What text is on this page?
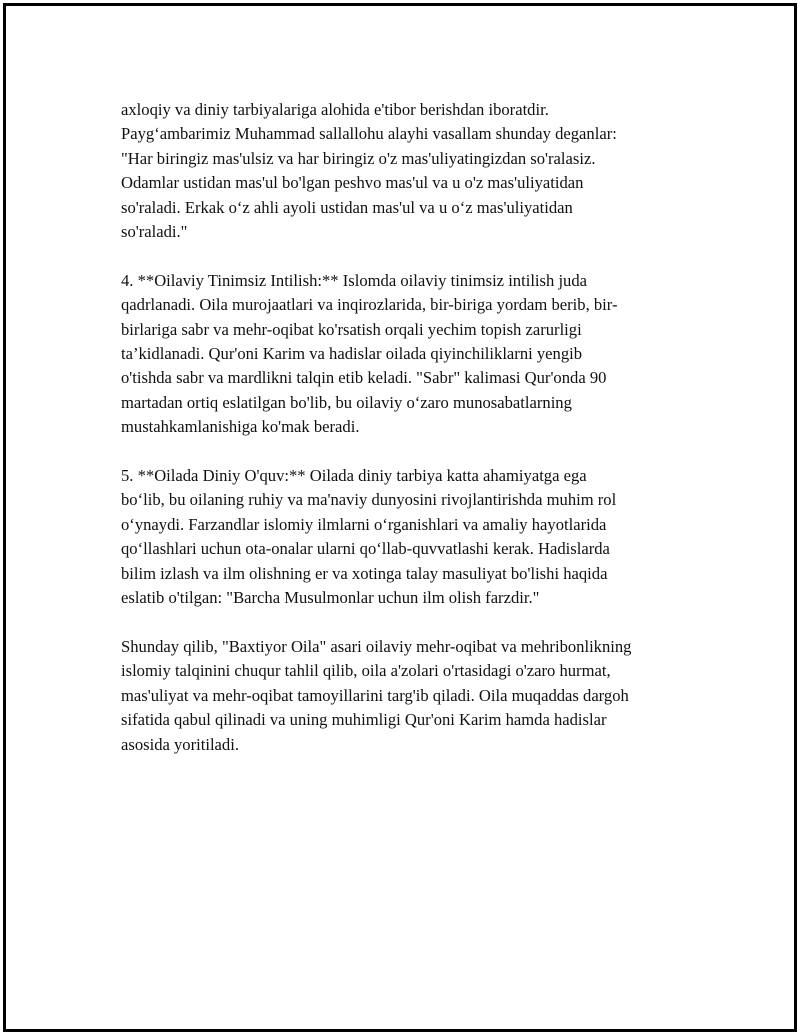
axloqiy va diniy tarbiyalariga alohida e'tibor berishdan iboratdir.
Payg‘ambarimiz Muhammad sallallohu alayhi vasallam shunday deganlar:
"Har biringiz mas'ulsiz va har biringiz o'z mas'uliyatingizdan so'ralasiz.
Odamlar ustidan mas'ul bo'lgan peshvo mas'ul va u o'z mas'uliyatidan
so'raladi. Erkak o‘z ahli ayoli ustidan mas'ul va u o‘z mas'uliyatidan
so'raladi."

4. **Oilaviy Tinimsiz Intilish:** Islomda oilaviy tinimsiz intilish juda
qadrlanadi. Oila murojaatlari va inqirozlarida, bir-biriga yordam berib, bir-
birlariga sabr va mehr-oqibat ko'rsatish orqali yechim topish zarurligi
ta’kidlanadi. Qur'oni Karim va hadislar oilada qiyinchiliklarni yengib
o'tishda sabr va mardlikni talqin etib keladi. "Sabr" kalimasi Qur'onda 90
martadan ortiq eslatilgan bo'lib, bu oilaviy o‘zaro munosabatlarning
mustahkamlanishiga ko'mak beradi.

5. **Oilada Diniy O'quv:** Oilada diniy tarbiya katta ahamiyatga ega
bo‘lib, bu oilaning ruhiy va ma'naviy dunyosini rivojlantirishda muhim rol
o‘ynaydi. Farzandlar islomiy ilmlarni o‘rganishlari va amaliy hayotlarida
qo‘llashlari uchun ota-onalar ularni qo‘llab-quvvatlashi kerak. Hadislarda
bilim izlash va ilm olishning er va xotinga talay masuliyat bo'lishi haqida
eslatib o'tilgan: "Barcha Musulmonlar uchun ilm olish farzdir."

Shunday qilib, "Baxtiyor Oila" asari oilaviy mehr-oqibat va mehribonlikning
islomiy talqinini chuqur tahlil qilib, oila a'zolari o'rtasidagi o'zaro hurmat,
mas'uliyat va mehr-oqibat tamoyillarini targ'ib qiladi. Oila muqaddas dargoh
sifatida qabul qilinadi va uning muhimligi Qur'oni Karim hamda hadislar
asosida yoritiladi.
